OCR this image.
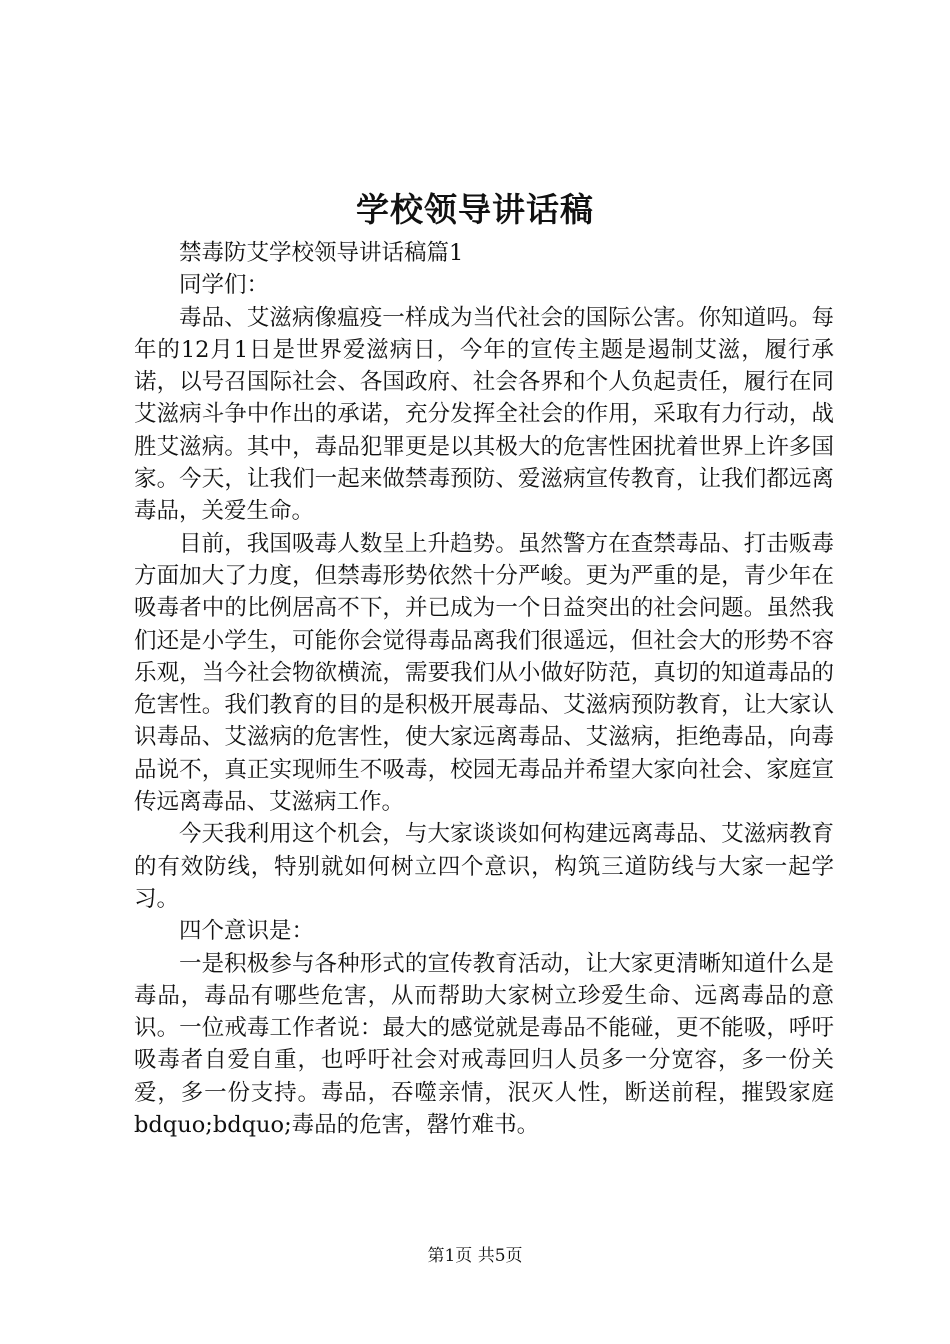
学校领导讲话稿

禁毒防艾学校领导讲话稿篇1

同学们：

毒品、艾滋病像瘟疫一样成为当代社会的国际公害。你知道吗。每年的12月1日是世界爱滋病日，今年的宣传主题是遏制艾滋，履行承诺，以号召国际社会、各国政府、社会各界和个人负起责任，履行在同艾滋病斗争中作出的承诺，充分发挥全社会的作用，采取有力行动，战胜艾滋病。其中，毒品犯罪更是以其极大的危害性困扰着世界上许多国家。今天，让我们一起来做禁毒预防、爱滋病宣传教育，让我们都远离毒品，关爱生命。

目前，我国吸毒人数呈上升趋势。虽然警方在查禁毒品、打击贩毒方面加大了力度，但禁毒形势依然十分严峻。更为严重的是，青少年在吸毒者中的比例居高不下，并已成为一个日益突出的社会问题。虽然我们还是小学生，可能你会觉得毒品离我们很遥远，但社会大的形势不容乐观，当今社会物欲横流，需要我们从小做好防范，真切的知道毒品的危害性。我们教育的目的是积极开展毒品、艾滋病预防教育，让大家认识毒品、艾滋病的危害性，使大家远离毒品、艾滋病，拒绝毒品，向毒品说不，真正实现师生不吸毒，校园无毒品并希望大家向社会、家庭宣传远离毒品、艾滋病工作。

今天我利用这个机会，与大家谈谈如何构建远离毒品、艾滋病教育的有效防线，特别就如何树立四个意识，构筑三道防线与大家一起学习。

四个意识是：

一是积极参与各种形式的宣传教育活动，让大家更清晰知道什么是毒品，毒品有哪些危害，从而帮助大家树立珍爱生命、远离毒品的意识。一位戒毒工作者说：最大的感觉就是毒品不能碰，更不能吸，呼吁吸毒者自爱自重，也呼吁社会对戒毒回归人员多一分宽容，多一份关爱，多一份支持。毒品，吞噬亲情，泯灭人性，断送前程，摧毁家庭bdquo;bdquo;毒品的危害，罄竹难书。

第1页 共5页
